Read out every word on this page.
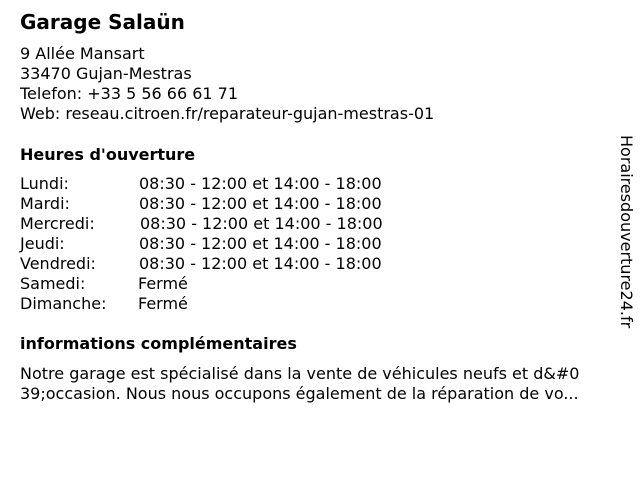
Garage Salaün
9 Allée Mansart
33470 Gujan-Mestras
Telefon: +33 5 56 66 61 71
Web: reseau.citroen.fr/reparateur-gujan-mestras-01
Heures d'ouverture
Lundi:	08:30 - 12:00 et 14:00 - 18:00
Mardi:	08:30 - 12:00 et 14:00 - 18:00
Mercredi:	08:30 - 12:00 et 14:00 - 18:00
Jeudi:	08:30 - 12:00 et 14:00 - 18:00
Vendredi:	08:30 - 12:00 et 14:00 - 18:00
Samedi:	Fermé
Dimanche: Fermé
informations complémentaires
Notre garage est spécialisé dans la vente de véhicules neufs et d&#0
39;occasion. Nous nous occupons également de la réparation de vo...
Horairesdouverture24.fr
